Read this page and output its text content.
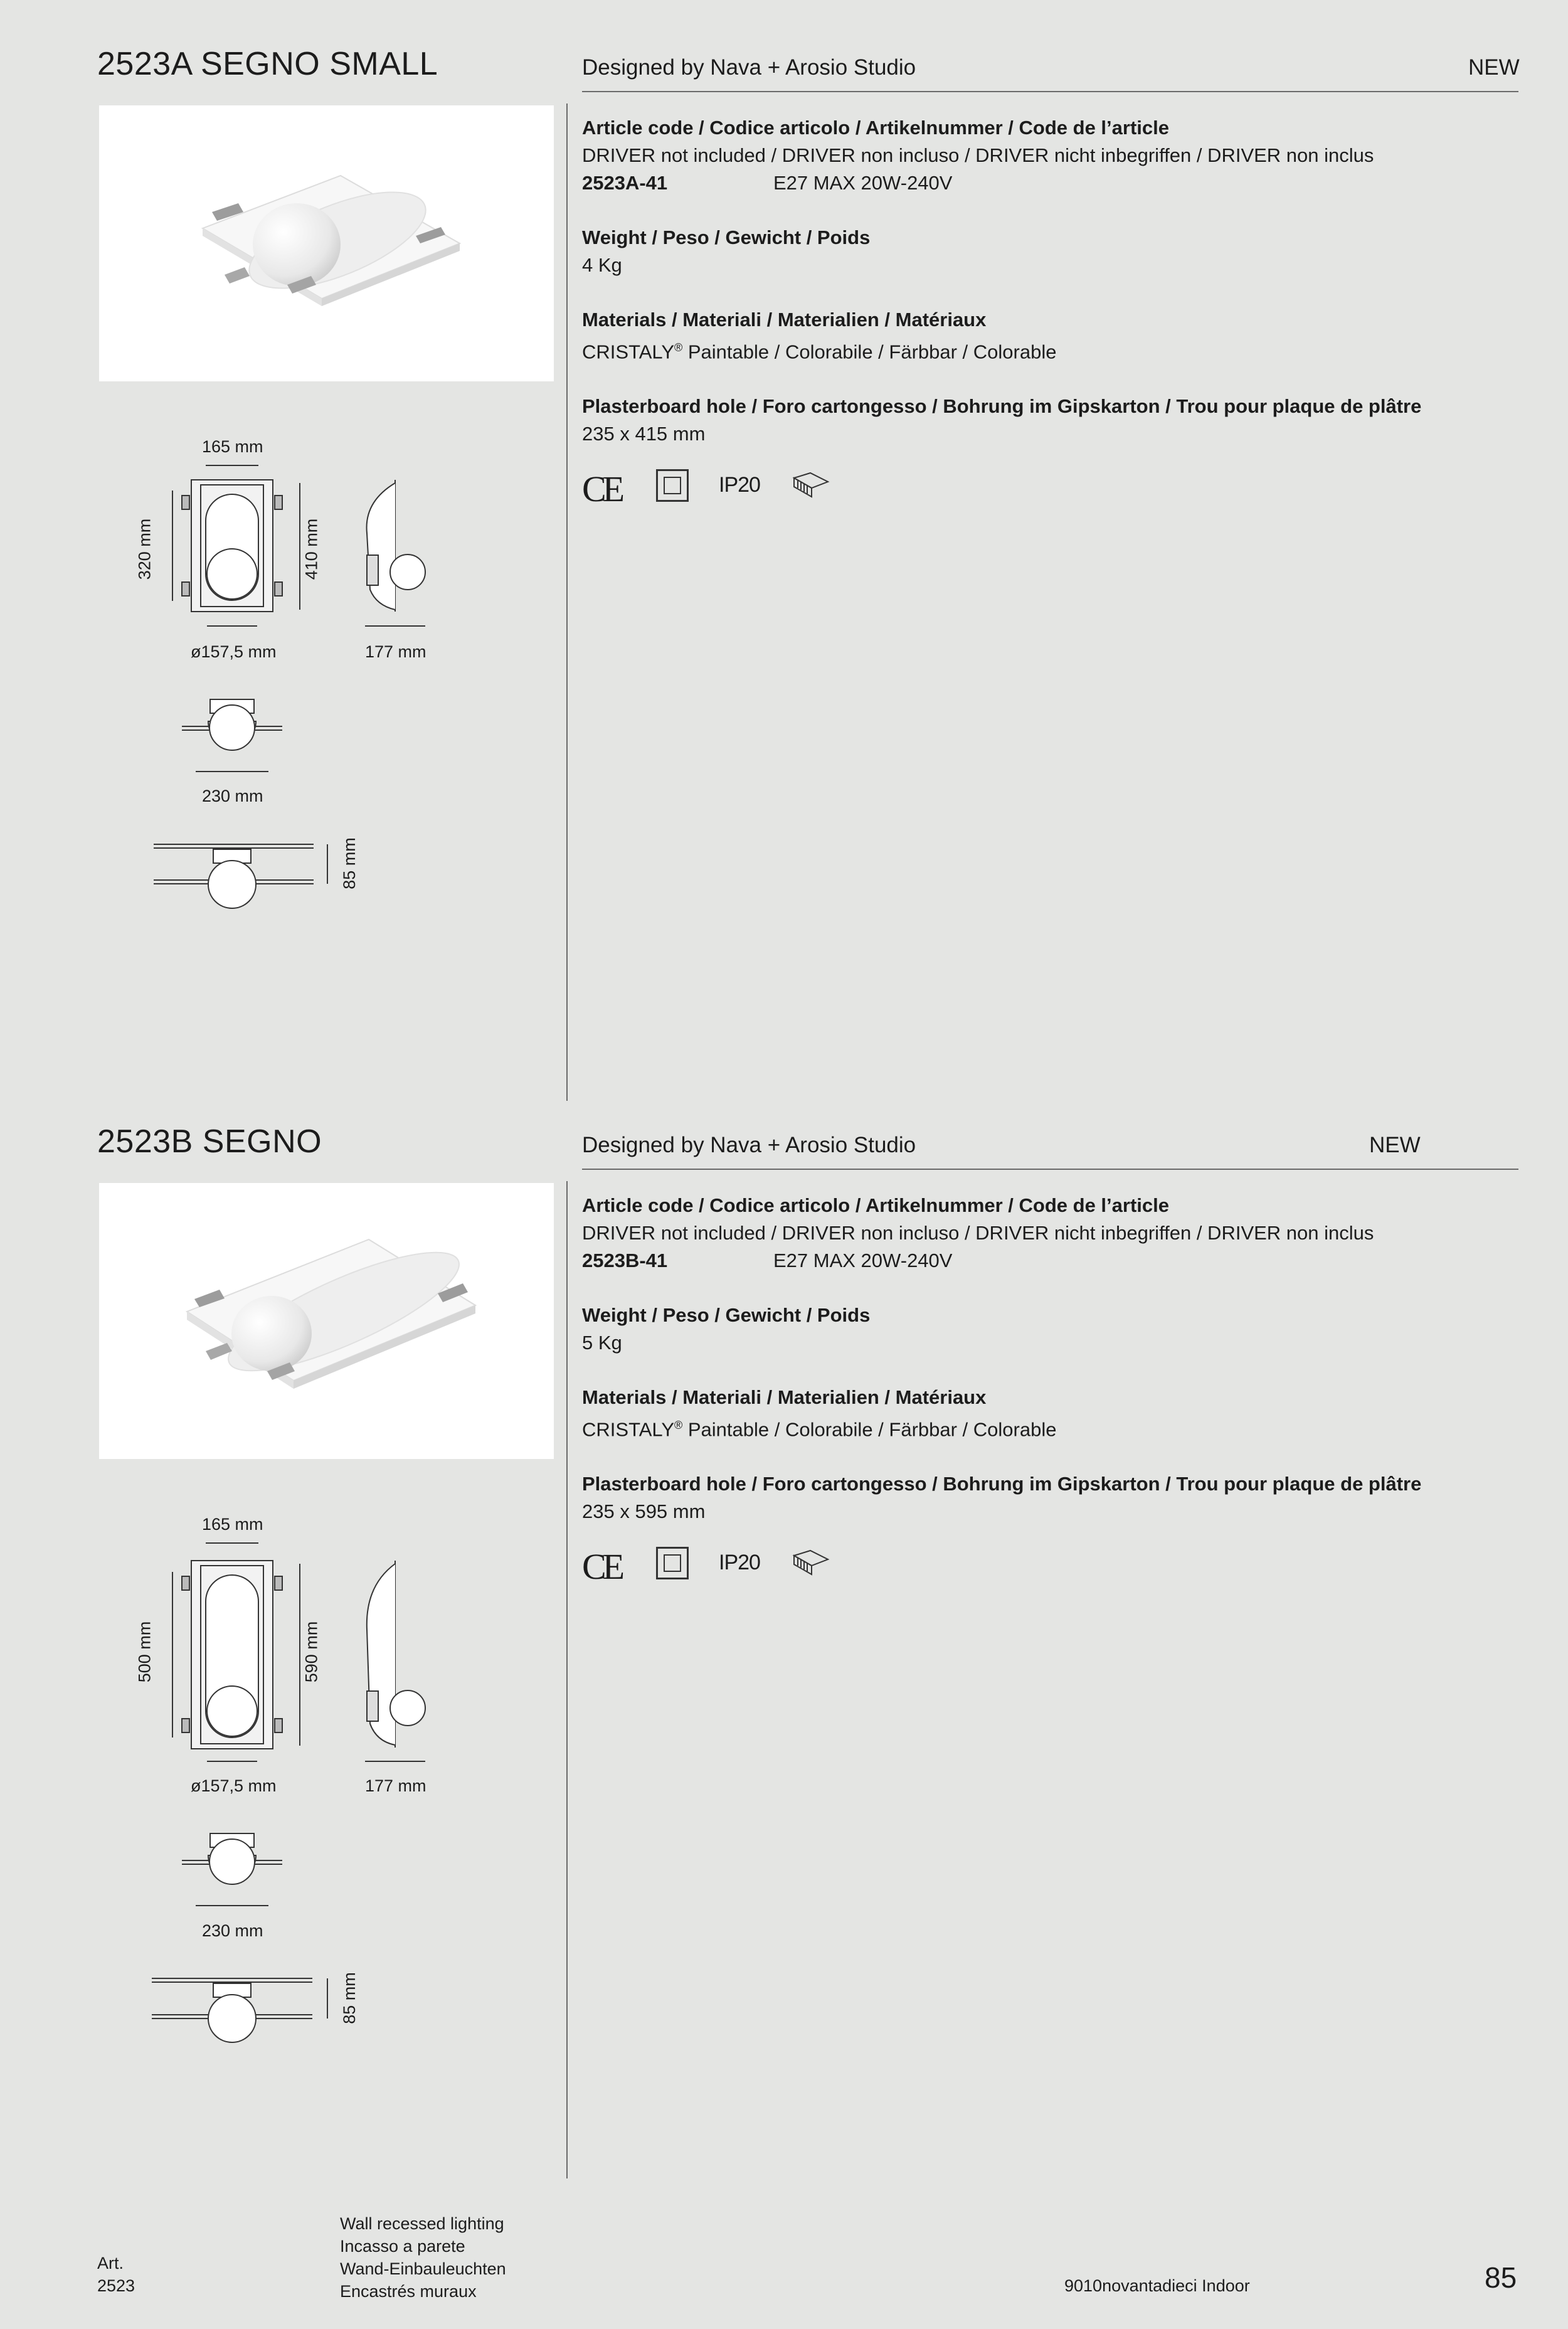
2523A SEGNO SMALL	Designed by Nava + Arosio Studio	NEW
Article code / Codice articolo / Artikelnummer / Code de l’article
DRIVER not included / DRIVER non incluso / DRIVER nicht inbegriffen / DRIVER non inclus
2523A-41	E27 MAX 20W-240V
Weight / Peso / Gewicht / Poids
4 Kg
Materials / Materiali / Materialien / Matériaux
CRISTALY® Paintable / Colorabile / Färbbar / Colorable
Plasterboard hole / Foro cartongesso / Bohrung im Gipskarton / Trou pour plaque de plâtre
235 x 415 mm
CE	IP20
165 mm
320 mm	410 mm
ø157,5 mm	177 mm
230 mm
85 mm
2523B SEGNO	Designed by Nava + Arosio Studio	NEW
Article code / Codice articolo / Artikelnummer / Code de l’article
DRIVER not included / DRIVER non incluso / DRIVER nicht inbegriffen / DRIVER non inclus
2523B-41	E27 MAX 20W-240V
Weight / Peso / Gewicht / Poids
5 Kg
Materials / Materiali / Materialien / Matériaux
CRISTALY® Paintable / Colorabile / Färbbar / Colorable
Plasterboard hole / Foro cartongesso / Bohrung im Gipskarton / Trou pour plaque de plâtre
235 x 595 mm
CE	IP20
165 mm
500 mm	590 mm
ø157,5 mm	177 mm
230 mm
85 mm
Art.
2523
Wall recessed lighting
Incasso a parete
Wand-Einbauleuchten
Encastrés muraux	9010novantadieci Indoor	85
